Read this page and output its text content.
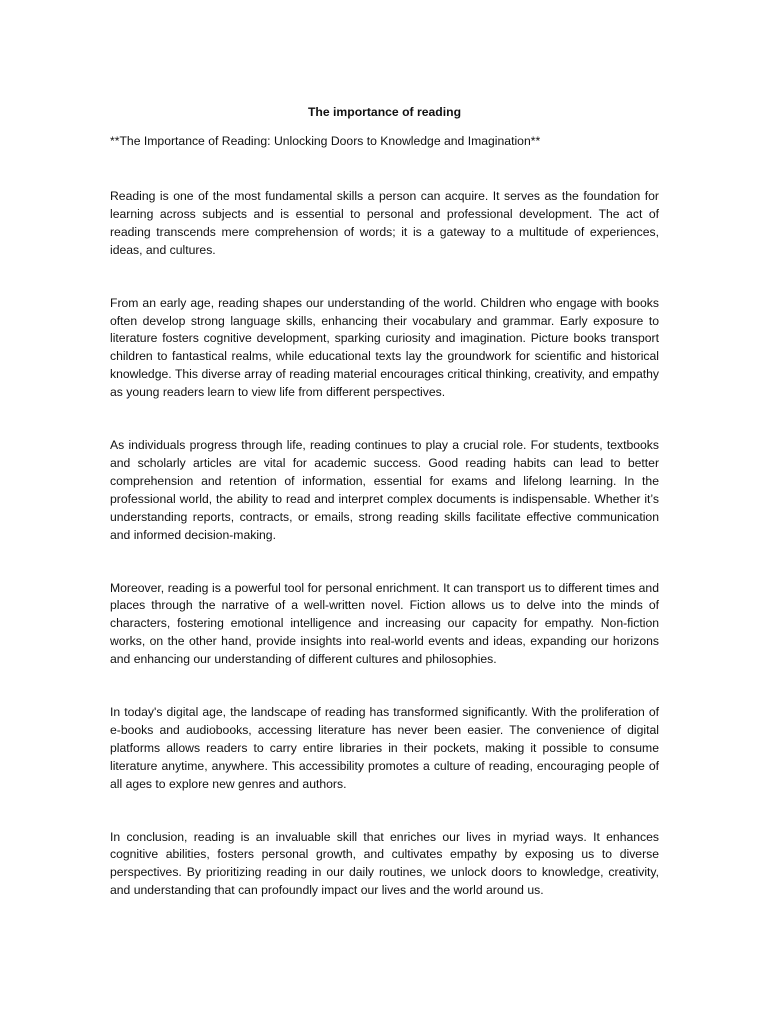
The importance of reading

**The Importance of Reading: Unlocking Doors to Knowledge and Imagination**

Reading is one of the most fundamental skills a person can acquire. It serves as the foundation for learning across subjects and is essential to personal and professional development. The act of reading transcends mere comprehension of words; it is a gateway to a multitude of experiences, ideas, and cultures.

From an early age, reading shapes our understanding of the world. Children who engage with books often develop strong language skills, enhancing their vocabulary and grammar. Early exposure to literature fosters cognitive development, sparking curiosity and imagination. Picture books transport children to fantastical realms, while educational texts lay the groundwork for scientific and historical knowledge. This diverse array of reading material encourages critical thinking, creativity, and empathy as young readers learn to view life from different perspectives.

As individuals progress through life, reading continues to play a crucial role. For students, textbooks and scholarly articles are vital for academic success. Good reading habits can lead to better comprehension and retention of information, essential for exams and lifelong learning. In the professional world, the ability to read and interpret complex documents is indispensable. Whether it’s understanding reports, contracts, or emails, strong reading skills facilitate effective communication and informed decision-making.

Moreover, reading is a powerful tool for personal enrichment. It can transport us to different times and places through the narrative of a well-written novel. Fiction allows us to delve into the minds of characters, fostering emotional intelligence and increasing our capacity for empathy. Non-fiction works, on the other hand, provide insights into real-world events and ideas, expanding our horizons and enhancing our understanding of different cultures and philosophies.

In today's digital age, the landscape of reading has transformed significantly. With the proliferation of e-books and audiobooks, accessing literature has never been easier. The convenience of digital platforms allows readers to carry entire libraries in their pockets, making it possible to consume literature anytime, anywhere. This accessibility promotes a culture of reading, encouraging people of all ages to explore new genres and authors.

In conclusion, reading is an invaluable skill that enriches our lives in myriad ways. It enhances cognitive abilities, fosters personal growth, and cultivates empathy by exposing us to diverse perspectives. By prioritizing reading in our daily routines, we unlock doors to knowledge, creativity, and understanding that can profoundly impact our lives and the world around us.
